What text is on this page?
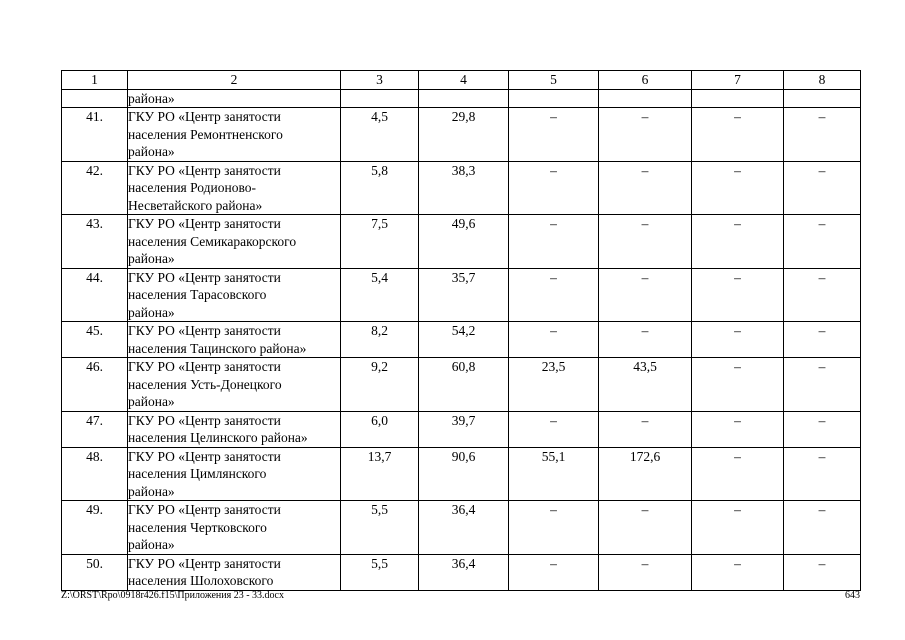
1	2	3	4	5	6	7	8
	района»						
41.	ГКУ РО «Центр занятости
населения Ремонтненского
района»	4,5	29,8	–	–	–	–
42.	ГКУ РО «Центр занятости
населения Родионово-
Несветайского района»	5,8	38,3	–	–	–	–
43.	ГКУ РО «Центр занятости
населения Семикаракорского
района»	7,5	49,6	–	–	–	–
44.	ГКУ РО «Центр занятости
населения Тарасовского
района»	5,4	35,7	–	–	–	–
45.	ГКУ РО «Центр занятости
населения Тацинского района»	8,2	54,2	–	–	–	–
46.	ГКУ РО «Центр занятости
населения Усть-Донецкого
района»	9,2	60,8	23,5	43,5	–	–
47.	ГКУ РО «Центр занятости
населения Целинского района»	6,0	39,7	–	–	–	–
48.	ГКУ РО «Центр занятости
населения Цимлянского
района»	13,7	90,6	55,1	172,6	–	–
49.	ГКУ РО «Центр занятости
населения Чертковского
района»	5,5	36,4	–	–	–	–
50.	ГКУ РО «Центр занятости
населения Шолоховского	5,5	36,4	–	–	–	–
Z:\ORST\Rpo\0918r426.f15\Приложения 23 - 33.docx	643
